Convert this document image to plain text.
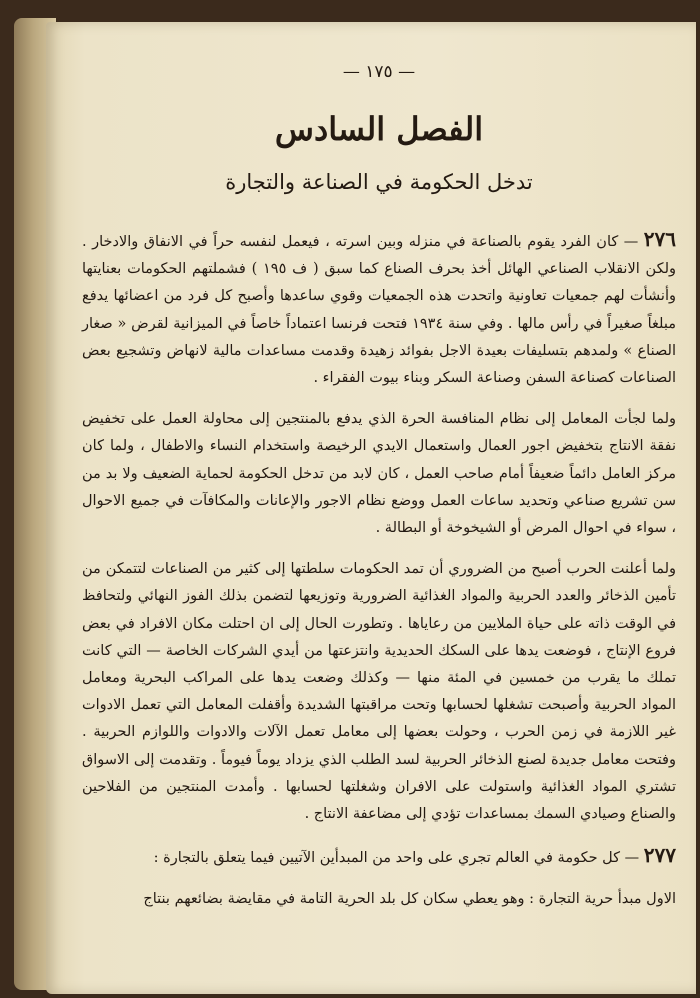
— ١٧٥ —
الفصل السادس
تدخل الحكومة في الصناعة والتجارة

٢٧٦ — كان الفرد يقوم بالصناعة في منزله وبين اسرته ، فيعمل لنفسه حراً في الانفاق والادخار . ولكن الانقلاب الصناعي الهائل أخذ بحرف الصناع كما سبق ( ف ١٩٥ ) فشملتهم الحكومات بعنايتها وأنشأت لهم جمعيات تعاونية واتحدت هذه الجمعيات وقوي ساعدها وأصبح كل فرد من اعضائها يدفع مبلغاً صغيراً في رأس مالها . وفي سنة ١٩٣٤ فتحت فرنسا اعتماداً خاصاً في الميزانية لقرض « صغار الصناع » ولمدهم بتسليفات بعيدة الاجل بفوائد زهيدة وقدمت مساعدات مالية لانهاض وتشجيع بعض الصناعات كصناعة السفن وصناعة السكر وبناء بيوت الفقراء .

ولما لجأت المعامل إلى نظام المنافسة الحرة الذي يدفع بالمنتجين إلى محاولة العمل على تخفيض نفقة الانتاج بتخفيض اجور العمال واستعمال الايدي الرخيصة واستخدام النساء والاطفال ، ولما كان مركز العامل دائماً ضعيفاً أمام صاحب العمل ، كان لابد من تدخل الحكومة لحماية الضعيف ولا بد من سن تشريع صناعي وتحديد ساعات العمل ووضع نظام الاجور والإعانات والمكافآت في جميع الاحوال ، سواء في احوال المرض أو الشيخوخة أو البطالة .

ولما أعلنت الحرب أصبح من الضروري أن تمد الحكومات سلطتها إلى كثير من الصناعات لتتمكن من تأمين الذخائر والعدد الحربية والمواد الغذائية الضرورية وتوزيعها لتضمن بذلك الفوز النهائي ولتحافظ في الوقت ذاته على حياة الملايين من رعاياها . وتطورت الحال إلى ان احتلت مكان الافراد في بعض فروع الإنتاج ، فوضعت يدها على السكك الحديدية وانتزعتها من أيدي الشركات الخاصة — التي كانت تملك ما يقرب من خمسين في المئة منها — وكذلك وضعت يدها على المراكب البحرية ومعامل المواد الحربية وأصبحت تشغلها لحسابها وتحت مراقبتها الشديدة وأقفلت المعامل التي تعمل الادوات غير اللازمة في زمن الحرب ، وحولت بعضها إلى معامل تعمل الآلات والادوات واللوازم الحربية . وفتحت معامل جديدة لصنع الذخائر الحربية لسد الطلب الذي يزداد يوماً فيوماً . وتقدمت إلى الاسواق تشتري المواد الغذائية واستولت على الافران وشغلتها لحسابها . وأمدت المنتجين من الفلاحين والصناع وصيادي السمك بمساعدات تؤدي إلى مضاعفة الانتاج .

٢٧٧ — كل حكومة في العالم تجري على واحد من المبدأين الآتيين فيما يتعلق بالتجارة :

الاول مبدأ حرية التجارة : وهو يعطي سكان كل بلد الحرية التامة في مقايضة بضائعهم بنتاج
